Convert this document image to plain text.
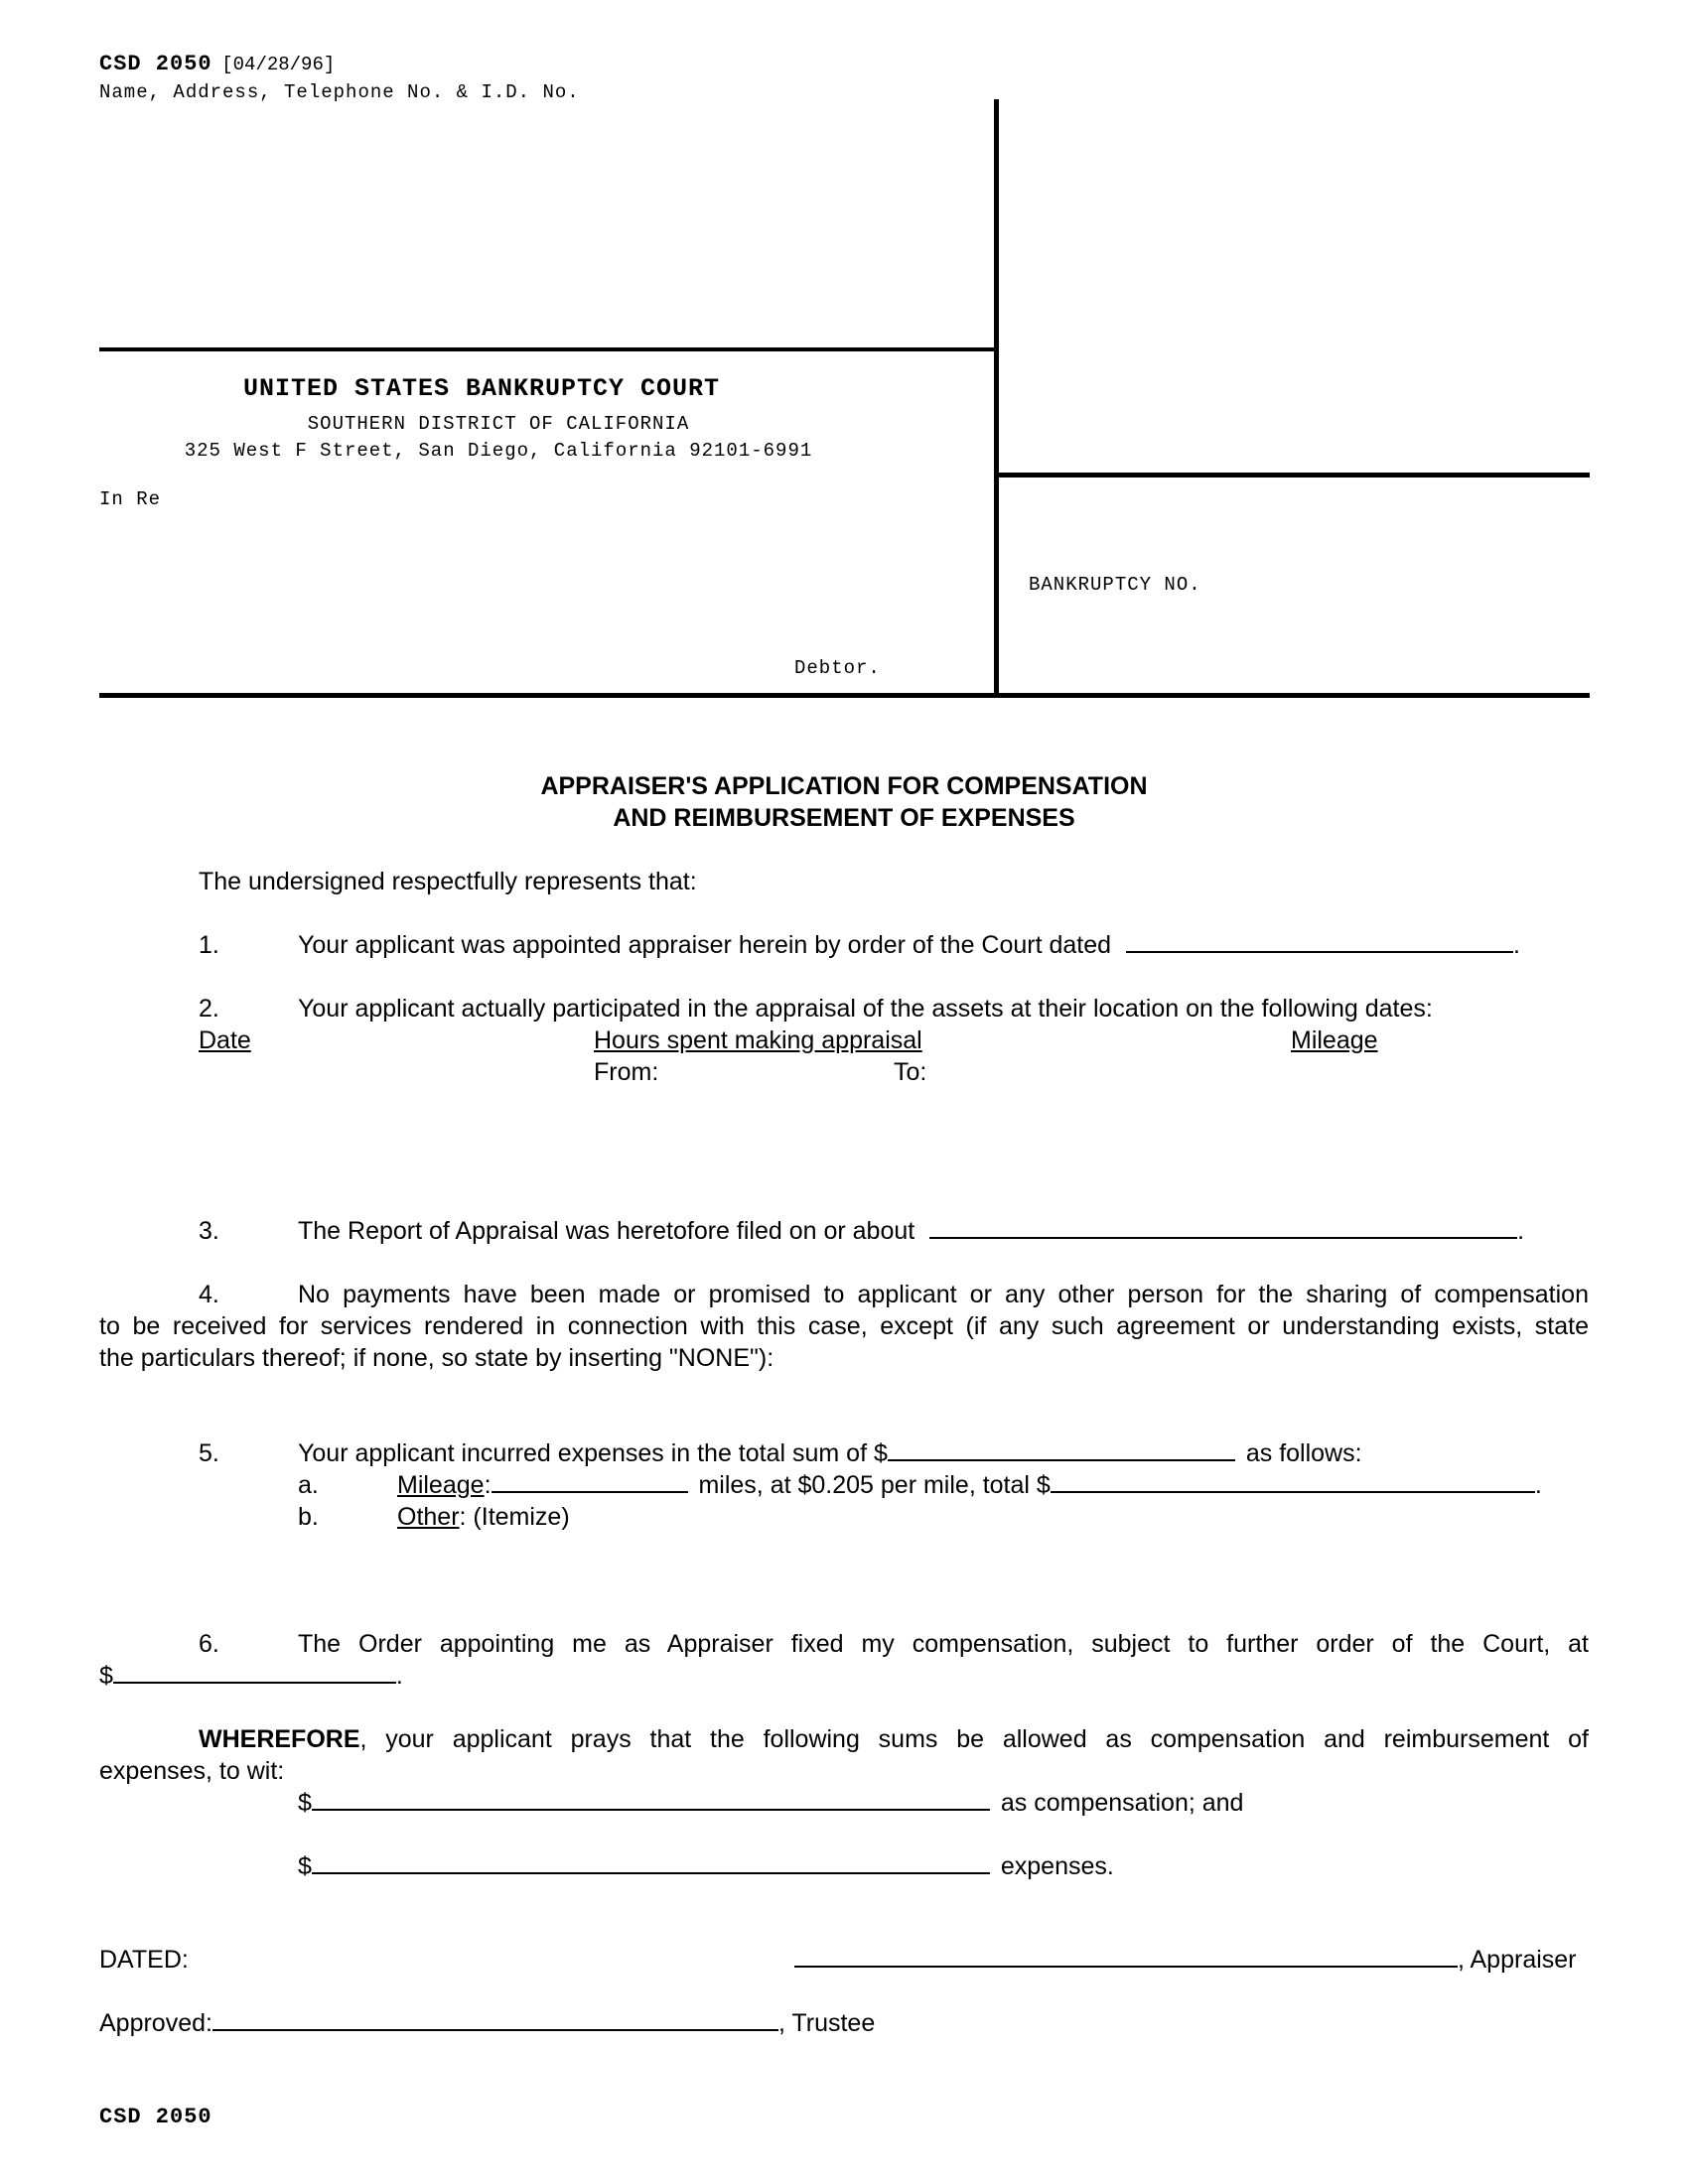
CSD 2050 [04/28/96]
Name, Address, Telephone No. & I.D. No.
UNITED STATES BANKRUPTCY COURT
SOUTHERN DISTRICT OF CALIFORNIA
325 West F Street, San Diego, California 92101-6991
In Re
Debtor.
BANKRUPTCY NO.
APPRAISER'S APPLICATION FOR COMPENSATION
AND REIMBURSEMENT OF EXPENSES
The undersigned respectfully represents that:
1.	Your applicant was appointed appraiser herein by order of the Court dated	.
2.	Your applicant actually participated in the appraisal of the assets at their location on the following dates:
Date	Hours spent making appraisal	Mileage
From:	To:
3.	The Report of Appraisal was heretofore filed on or about	.
4.	No payments have been made or promised to applicant or any other person for the sharing of compensation
to be received for services rendered in connection with this case, except (if any such agreement or understanding exists, state
the particulars thereof; if none, so state by inserting "NONE"):
5.	Your applicant incurred expenses in the total sum of $	as follows:
a.	Mileage:	miles, at $0.205 per mile, total $	.
b.	Other: (Itemize)
6.	The Order appointing me as Appraiser fixed my compensation, subject to further order of the Court, at
$	.
WHEREFORE, your applicant prays that the following sums be allowed as compensation and reimbursement of
expenses, to wit:
$	as compensation; and
$	expenses.
DATED:	, Appraiser
Approved:	, Trustee
CSD 2050
